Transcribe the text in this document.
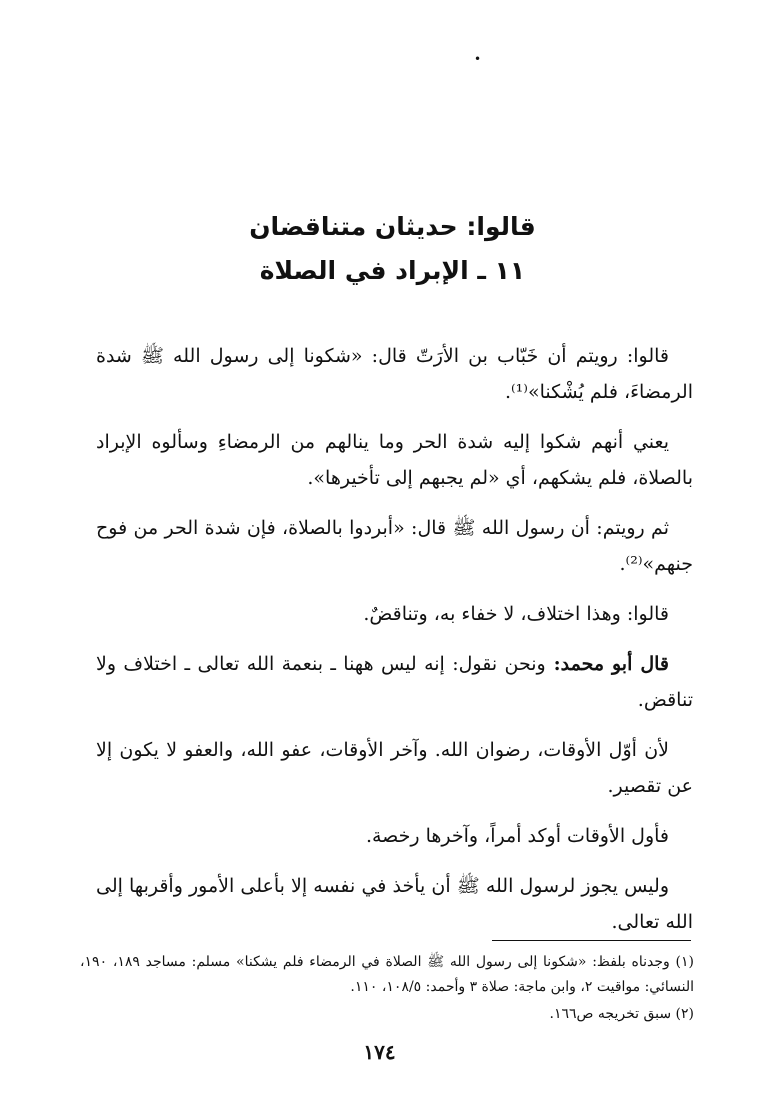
•
قالوا: حديثان متناقضان
١١ ـ الإبراد في الصلاة

قالوا: رويتم أن خَبّاب بن الأرَتّ قال: «شكونا إلى رسول الله ﷺ شدة الرمضاءَ، فلم يُشْكنا»⁽¹⁾.

يعني أنهم شكوا إليه شدة الحر وما ينالهم من الرمضاءِ وسألوه الإبراد بالصلاة، فلم يشكهم، أي «لم يجبهم إلى تأخيرها».

ثم رويتم: أن رسول الله ﷺ قال: «أبردوا بالصلاة، فإن شدة الحر من فوح جنهم»⁽²⁾.

قالوا: وهذا اختلاف، لا خفاء به، وتناقضٌ.

قال أبو محمد: ونحن نقول: إنه ليس ههنا ـ بنعمة الله تعالى ـ اختلاف ولا تناقض.

لأن أوّل الأوقات، رضوان الله. وآخر الأوقات، عفو الله، والعفو لا يكون إلا عن تقصير.

فأول الأوقات أوكد أمراً، وآخرها رخصة.

وليس يجوز لرسول الله ﷺ أن يأخذ في نفسه إلا بأعلى الأمور وأقربها إلى الله تعالى.

(١) وجدناه بلفظ: «شكونا إلى رسول الله ﷺ الصلاة في الرمضاء فلم يشكنا» مسلم: مساجد ١٨٩، ١٩٠، النسائي: مواقيت ٢، وابن ماجة: صلاة ٣ وأحمد: ١٠٨/٥، ١١٠.
(٢) سبق تخريجه ص١٦٦.
١٧٤
